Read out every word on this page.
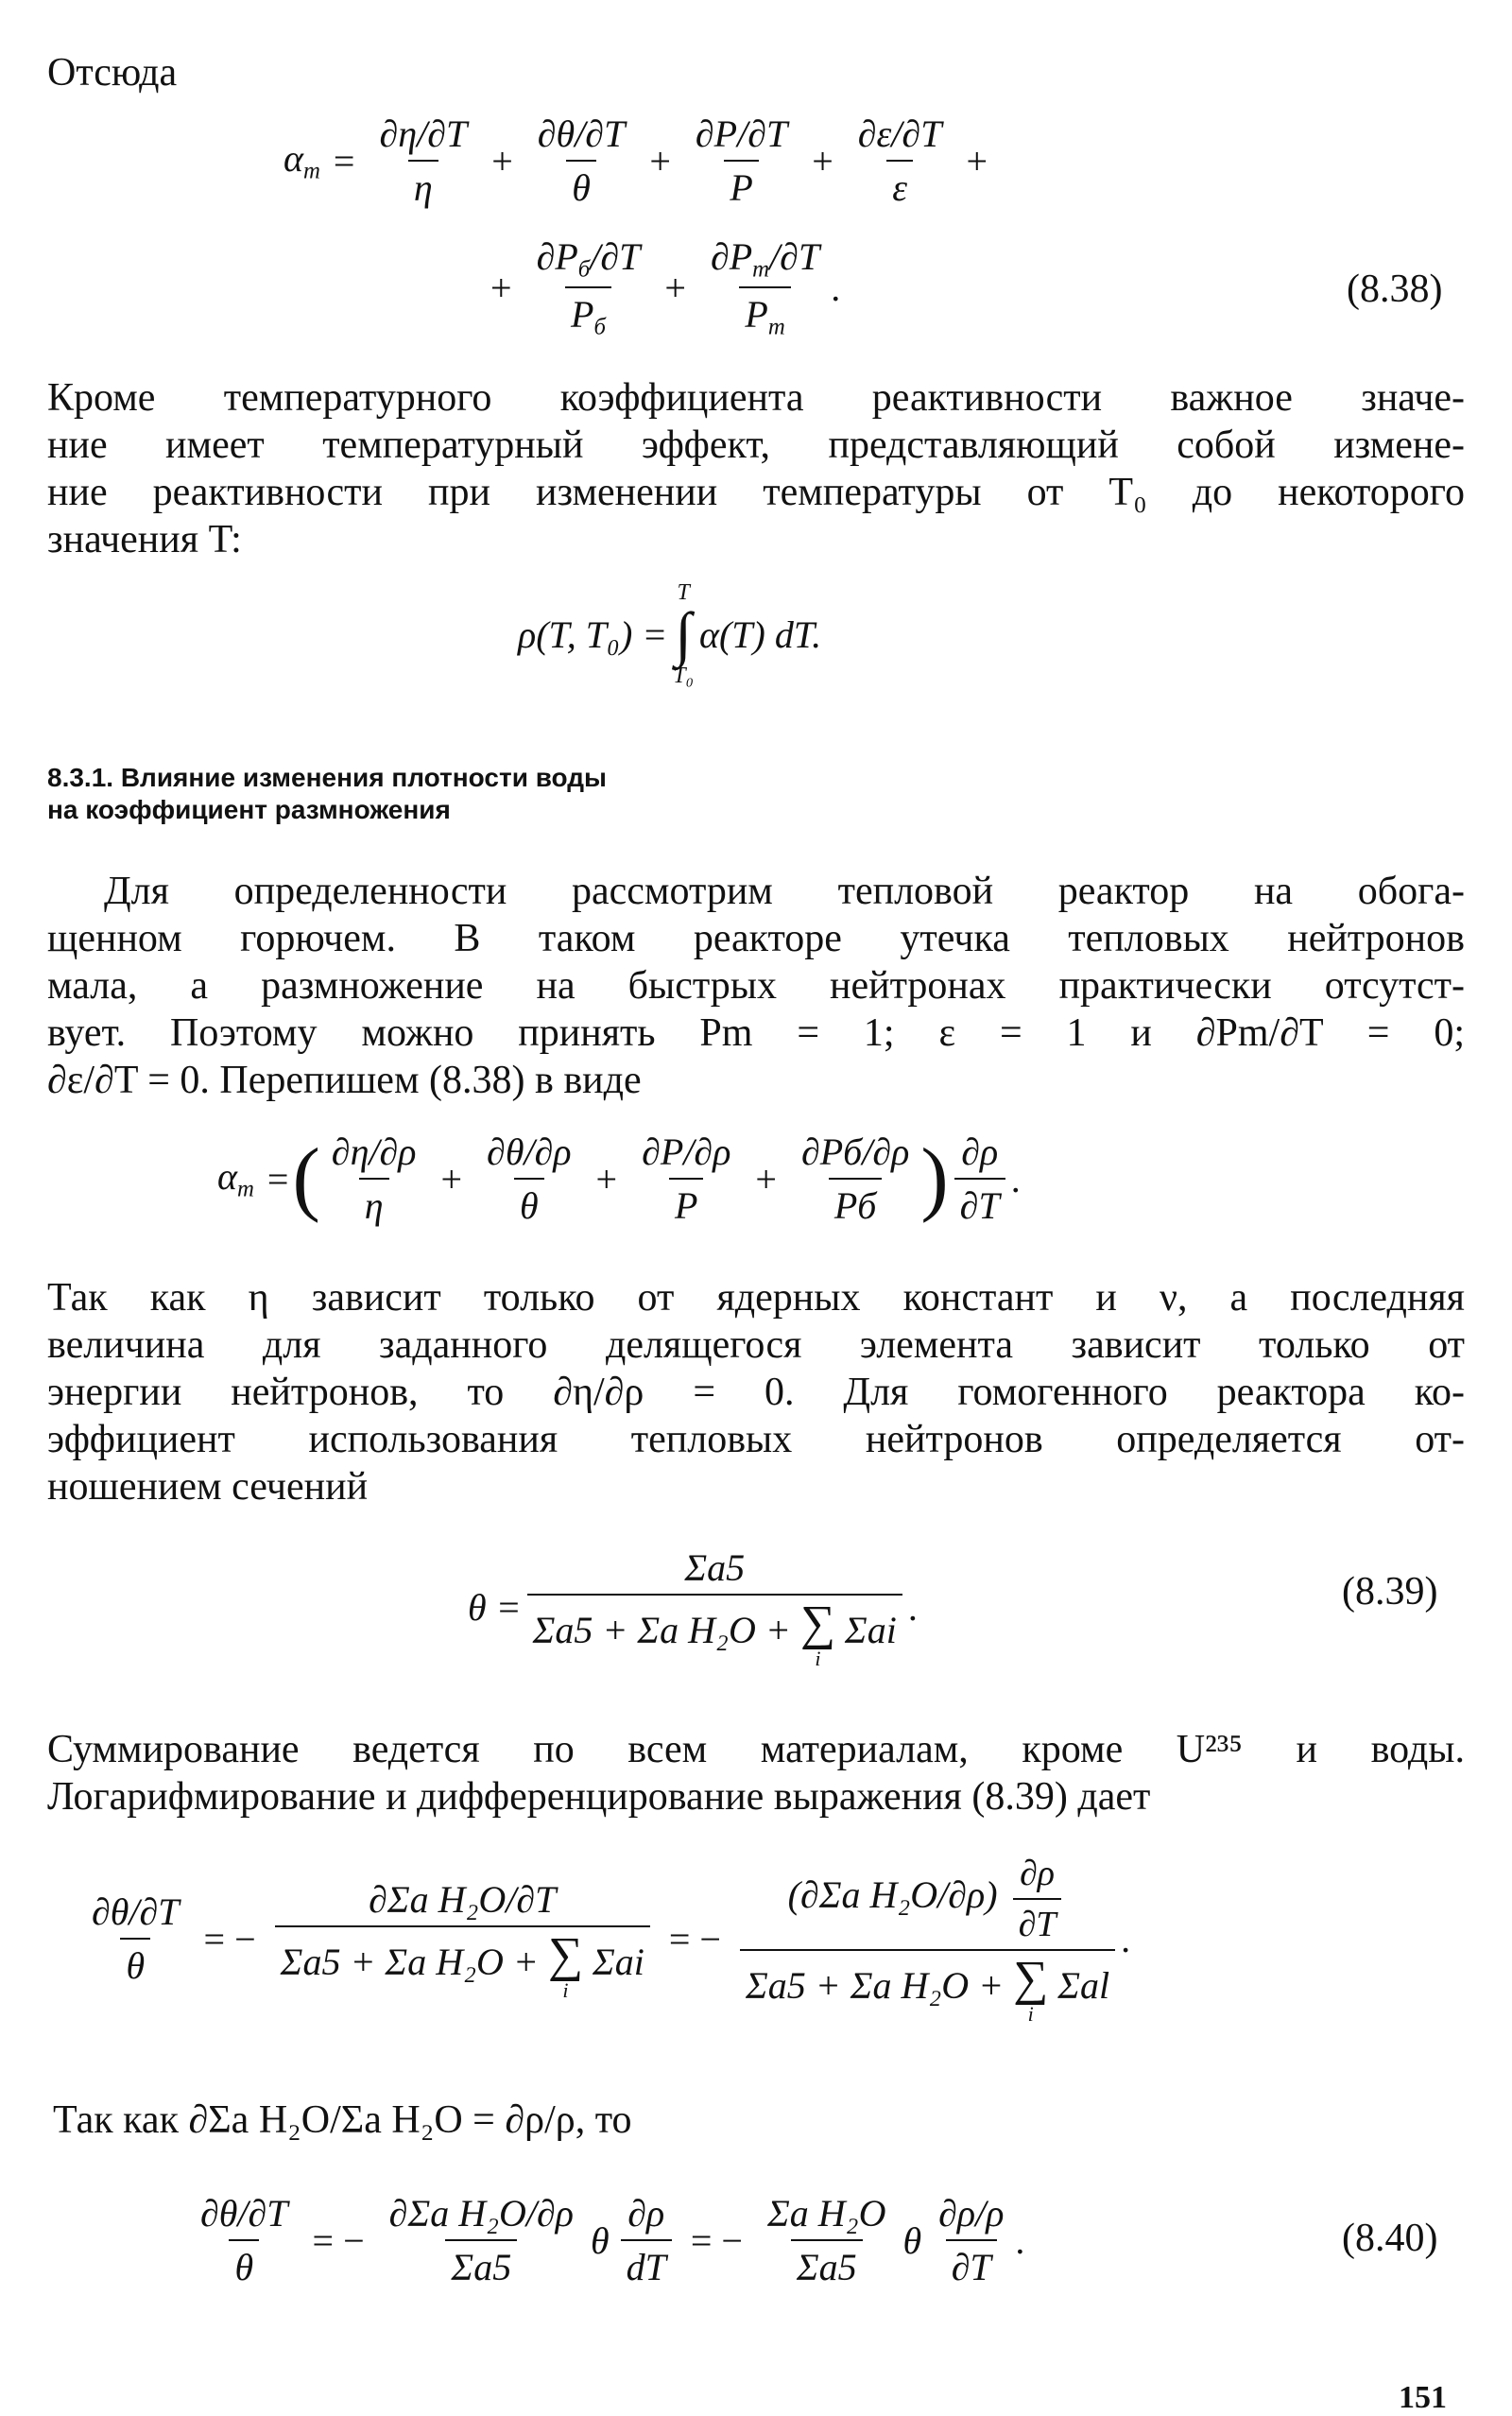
Отсюда
$\alpha_m = \frac{\partial\eta/\partial T}{\eta} + \frac{\partial\theta/\partial T}{\theta} + \frac{\partial P/\partial T}{P} + \frac{\partial\varepsilon/\partial T}{\varepsilon}$ +
+ $\frac{\partial P_б/\partial T}{P_б} + \frac{\partial P_m/\partial T}{P_m}$ .	(8.38)
Кроме температурного коэффициента реактивности важное значе-
ние имеет температурный эффект, представляющий собой измене-
ние реактивности при изменении температуры от T₀ до некоторого
значения T:
ρ(T, T₀) =
T
∫
T₀
α(T) dT.
8.3.1. Влияние изменения плотности воды
на коэффициент размножения
Для определенности рассмотрим тепловой реактор на обога-
щенном горючем. В таком реакторе утечка тепловых нейтронов
мала, а размножение на быстрых нейтронах практически отсутст-
вует. Поэтому можно принять Pm = 1; ε = 1 и ∂Pm/∂T = 0;
∂ε/∂T = 0. Перепишем (8.38) в виде
$\alpha_m$ = ( $\frac{\partial\eta/\partial\rho}{\eta} + \frac{\partial\theta/\partial\rho}{\theta} + \frac{\partial P/\partial\rho}{P} + \frac{\partial Pб/\partial\rho}{Pб}$ ) $\frac{\partial\rho}{\partial T}$ .
Так как η зависит только от ядерных констант и ν, а последняя
величина для заданного делящегося элемента зависит только от
энергии нейтронов, то ∂η/∂ρ = 0. Для гомогенного реактора ко-
эффициент использования тепловых нейтронов определяется от-
ношением сечений
θ = Σa5
Σa5 + Σa H₂O + ∑
i
Σai .	(8.39)
Суммирование ведется по всем материалам, кроме U²³⁵ и воды.
Логарифмирование и дифференцирование выражения (8.39) дает
$\frac{\partial\theta/\partial T}{\theta}$ = − ∂Σa H₂O/∂T
Σa5 + Σa H₂O + ∑
i
Σai = − (∂Σa $H_2O/\partial\rho) \frac{\partial\rho}{\partial T}$
Σa5 + Σa H₂O + ∑
i
Σal .
Так как ∂Σa H₂O/Σa H₂O = ∂ρ/ρ, то
$\frac{\partial\theta/\partial T}{\theta}$ = − $\frac{\text{∂Σa H₂O/∂ρ}}{\Sigma a5}$ θ $\frac{\partial\rho}{dT}$ = − $\frac{\text{Σa H₂O}}{\Sigma a5}$ θ $\frac{\partial\rho/\rho}{\partial T}$ .	(8.40)
151
